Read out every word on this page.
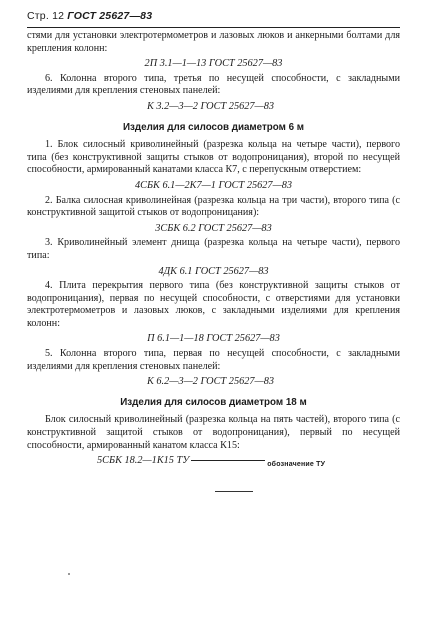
Стр. 12 ГОСТ 25627—83

стями для установки электротермометров и лазовых люков и анкерными болтами для крепления колонн:

2П 3.1—1—13 ГОСТ 25627—83

6. Колонна второго типа, третья по несущей способности, с закладными изделиями для крепления стеновых панелей:

К 3.2—3—2 ГОСТ 25627—83
Изделия для силосов диаметром 6 м

1. Блок силосный криволинейный (разрезка кольца на четыре части), первого типа (без конструктивной защиты стыков от водопроницания), второй по несущей способности, армированный канатами класса К7, с перепускным отверстием:

4СБК 6.1—2К7—1 ГОСТ 25627—83

2. Балка силосная криволинейная (разрезка кольца на три части), второго типа (с конструктивной защитой стыков от водопроницания):

3СБК 6.2 ГОСТ 25627—83

3. Криволинейный элемент днища (разрезка кольца на четыре части), первого типа:

4ДК 6.1 ГОСТ 25627—83

4. Плита перекрытия первого типа (без конструктивной защиты стыков от водопроницания), первая по несущей способности, с отверстиями для установки электротермометров и лазовых люков, с закладными изделиями для крепления колонн:

П 6.1—1—18 ГОСТ 25627—83

5. Колонна второго типа, первая по несущей способности, с закладными изделиями для крепления стеновых панелей:

К 6.2—3—2 ГОСТ 25627—83
Изделия для силосов диаметром 18 м

Блок силосный криволинейный (разрезка кольца на пять частей), второго типа (с конструктивной защитой стыков от водопроницания), первый по несущей способности, армированный канатом класса К15:

5СБК 18.2—1К15 ТУ	$_{обозначение ТУ}$
